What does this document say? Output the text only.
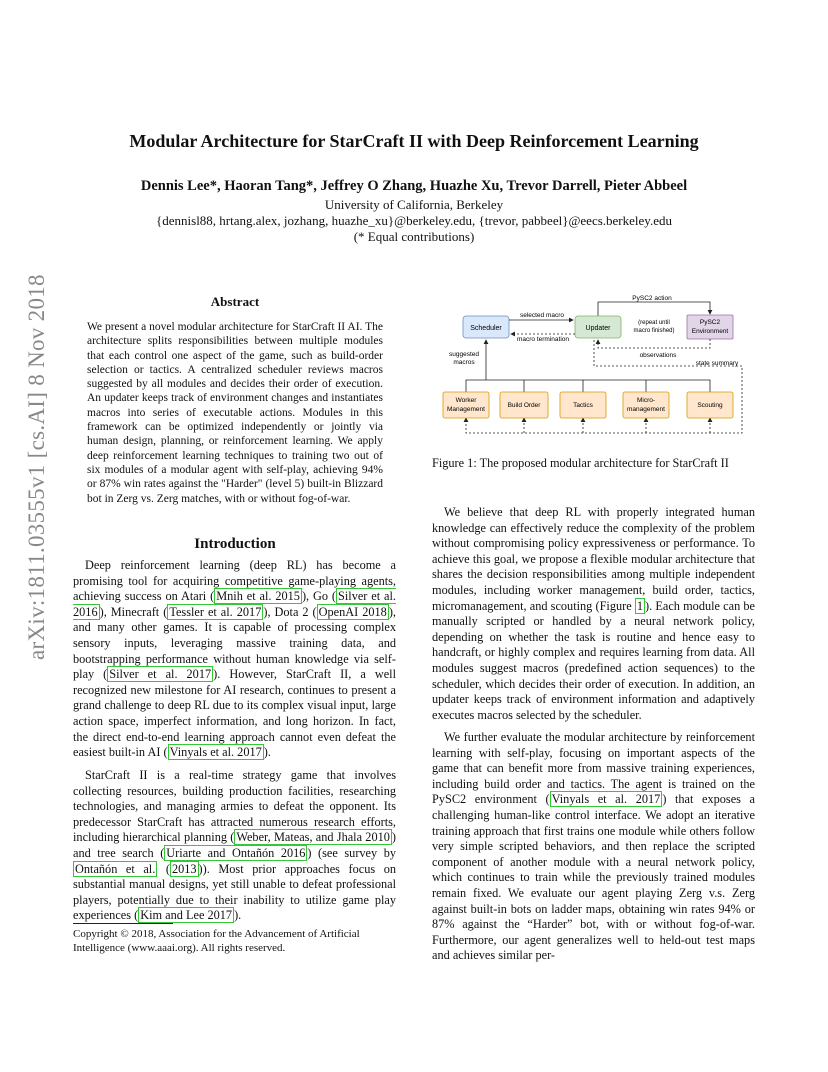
arXiv:1811.03555v1 [cs.AI] 8 Nov 2018
Modular Architecture for StarCraft II with Deep Reinforcement Learning
Dennis Lee*, Haoran Tang*, Jeffrey O Zhang, Huazhe Xu, Trevor Darrell, Pieter Abbeel
University of California, Berkeley
{dennisl88, hrtang.alex, jozhang, huazhe_xu}@berkeley.edu, {trevor, pabbeel}@eecs.berkeley.edu
(* Equal contributions)
Abstract

We present a novel modular architecture for StarCraft II AI. The architecture splits responsibilities between multiple modules that each control one aspect of the game, such as build-order selection or tactics. A centralized scheduler reviews macros suggested by all modules and decides their order of execution. An updater keeps track of environment changes and instantiates macros into series of executable actions. Modules in this framework can be optimized independently or jointly via human design, planning, or reinforcement learning. We apply deep reinforcement learning techniques to training two out of six modules of a modular agent with self-play, achieving 94% or 87% win rates against the "Harder" (level 5) built-in Blizzard bot in Zerg vs. Zerg matches, with or without fog-of-war.

Introduction

Deep reinforcement learning (deep RL) has become a promising tool for acquiring competitive game-playing agents, achieving success on Atari ( Mnih et al. 2015 ), Go ( Silver et al. 2016 ), Minecraft ( Tessler et al. 2017 ), Dota 2 ( OpenAI 2018 ), and many other games. It is capable of processing complex sensory inputs, leveraging massive training data, and bootstrapping performance without human knowledge via self-play ( Silver et al. 2017 ). However, StarCraft II, a well recognized new milestone for AI research, continues to present a grand challenge to deep RL due to its complex visual input, large action space, imperfect information, and long horizon. In fact, the direct end-to-end learning approach cannot even defeat the easiest built-in AI ( Vinyals et al. 2017 ).

StarCraft II is a real-time strategy game that involves collecting resources, building production facilities, researching technologies, and managing armies to defeat the opponent. Its predecessor StarCraft has attracted numerous research efforts, including hierarchical planning ( Weber, Mateas, and Jhala 2010 ) and tree search ( Uriarte and Ontañón 2016 ) (see survey by Ontañón et al. ( 2013 )). Most prior approaches focus on substantial manual designs, yet still unable to defeat professional players, potentially due to their inability to utilize game play experiences ( Kim and Lee 2017 ).

Copyright © 2018, Association for the Advancement of Artificial Intelligence (www.aaai.org). All rights reserved.
PySC2 action
Scheduler	Updater
PySC2
Environment
selected macro
macro termination
(repeat until
macro finished)
observations
state summary
suggested
macros
Worker
Management
Build Order	Tactics
Micro-
management
Scouting
Figure 1: The proposed modular architecture for StarCraft II

We believe that deep RL with properly integrated human knowledge can effectively reduce the complexity of the problem without compromising policy expressiveness or performance. To achieve this goal, we propose a flexible modular architecture that shares the decision responsibilities among multiple independent modules, including worker management, build order, tactics, micromanagement, and scouting (Figure 1 ). Each module can be manually scripted or handled by a neural network policy, depending on whether the task is routine and hence easy to handcraft, or highly complex and requires learning from data. All modules suggest macros (predefined action sequences) to the scheduler, which decides their order of execution. In addition, an updater keeps track of environment information and adaptively executes macros selected by the scheduler.

We further evaluate the modular architecture by reinforcement learning with self-play, focusing on important aspects of the game that can benefit more from massive training experiences, including build order and tactics. The agent is trained on the PySC2 environment ( Vinyals et al. 2017 ) that exposes a challenging human-like control interface. We adopt an iterative training approach that first trains one module while others follow very simple scripted behaviors, and then replace the scripted component of another module with a neural network policy, which continues to train while the previously trained modules remain fixed. We evaluate our agent playing Zerg v.s. Zerg against built-in bots on ladder maps, obtaining win rates 94% or 87% against the “Harder” bot, with or without fog-of-war. Furthermore, our agent generalizes well to held-out test maps and achieves similar per-
